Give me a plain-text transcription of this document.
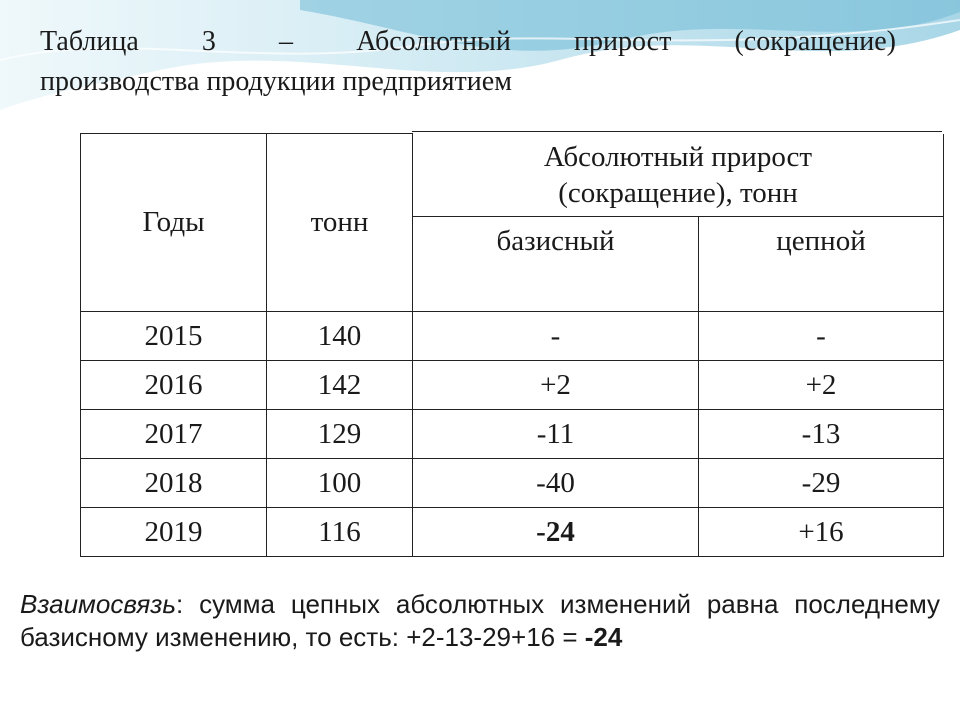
Таблица 3 – Абсолютный прирост (сокращение)
производства продукции предприятием
Годы	тонн	Абсолютный прирост
(сокращение), тонн	

		базисный	цепной
2015	140	-	-
2016	142	+2	+2
2017	129	-11	-13
2018	100	-40	-29
2019	116	-24	+16
Взаимосвязь: сумма цепных абсолютных изменений равна последнему базисному изменению, то есть: +2-13-29+16 = -24
